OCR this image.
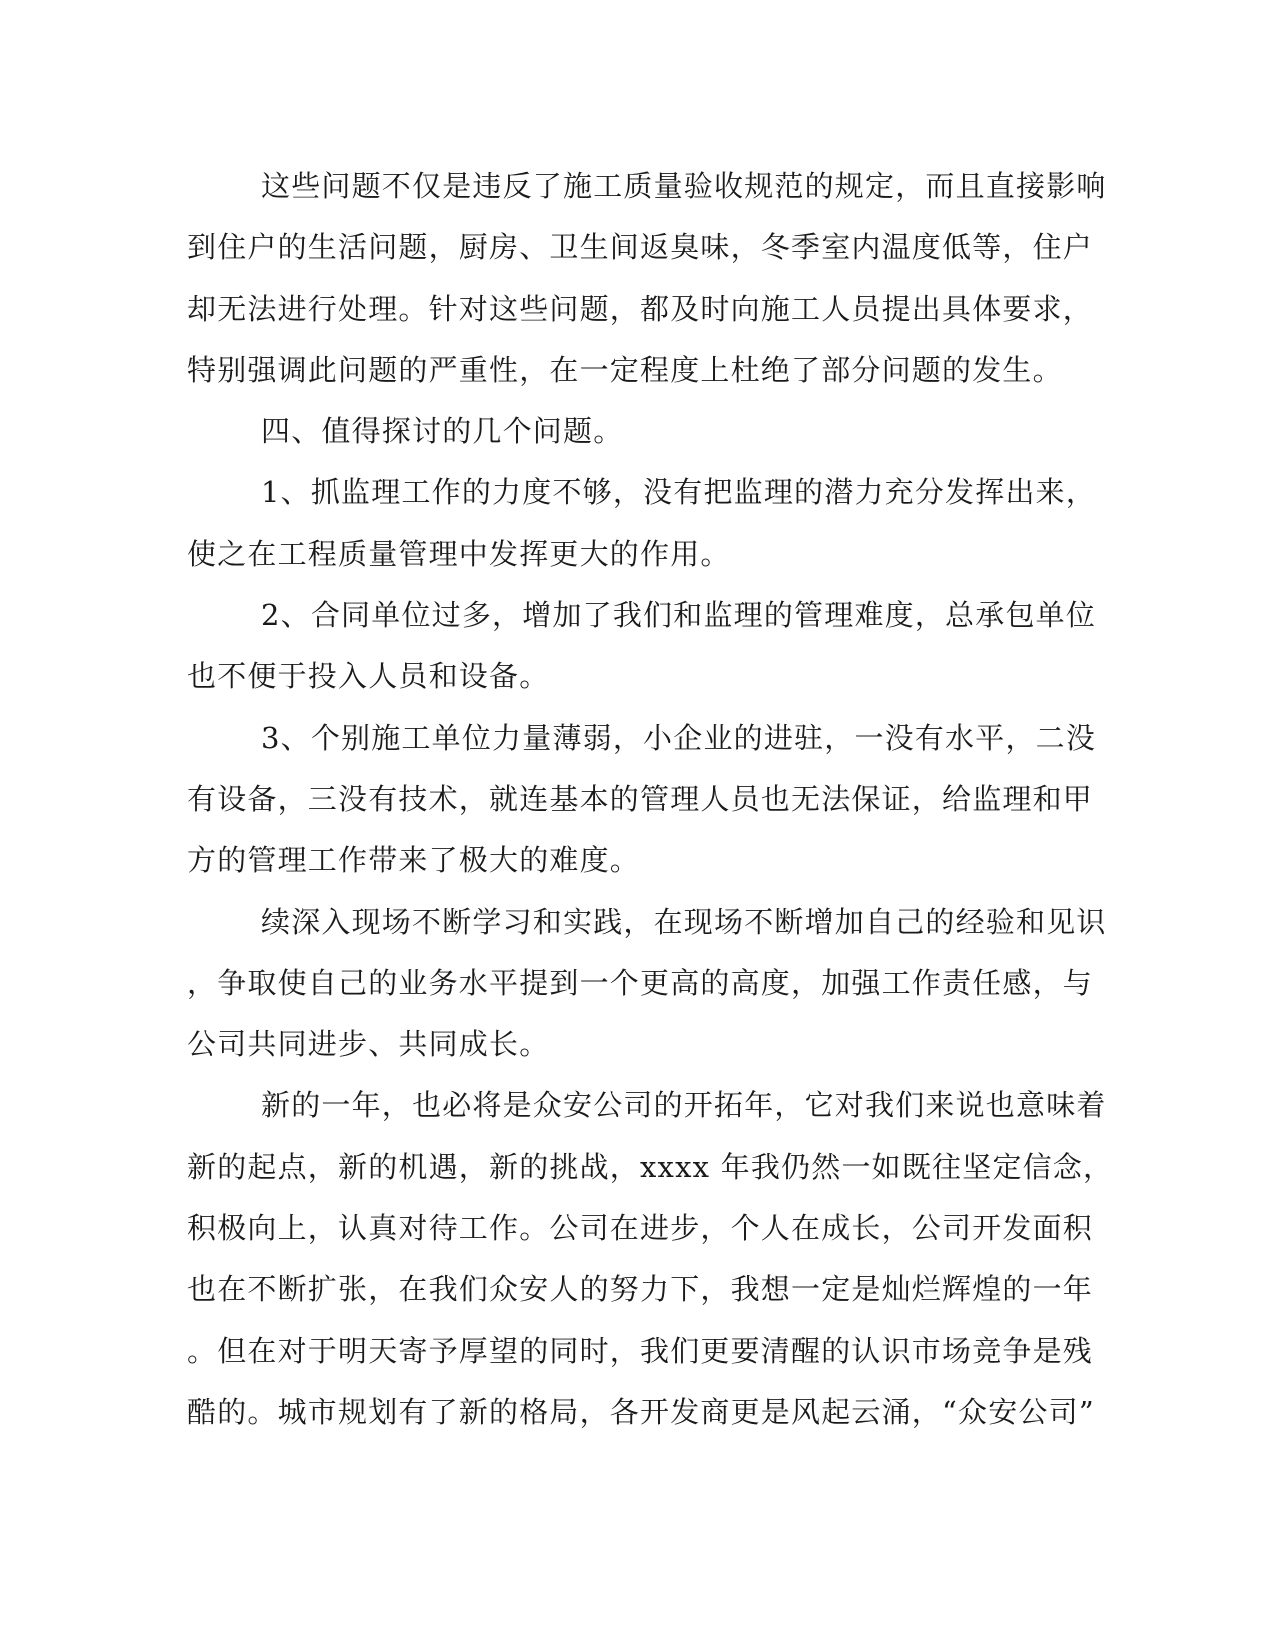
这些问题不仅是违反了施工质量验收规范的规定，而且直接影响
到住户的生活问题，厨房、卫生间返臭味，冬季室内温度低等，住户
却无法进行处理。针对这些问题，都及时向施工人员提出具体要求，
特别强调此问题的严重性，在一定程度上杜绝了部分问题的发生。
四、值得探讨的几个问题。
1、抓监理工作的力度不够，没有把监理的潜力充分发挥出来，
使之在工程质量管理中发挥更大的作用。
2、合同单位过多，增加了我们和监理的管理难度，总承包单位
也不便于投入人员和设备。
3、个别施工单位力量薄弱，小企业的进驻，一没有水平，二没
有设备，三没有技术，就连基本的管理人员也无法保证，给监理和甲
方的管理工作带来了极大的难度。
续深入现场不断学习和实践，在现场不断增加自己的经验和见识
，争取使自己的业务水平提到一个更高的高度，加强工作责任感，与
公司共同进步、共同成长。
新的一年，也必将是众安公司的开拓年，它对我们来说也意味着
新的起点，新的机遇，新的挑战，xxxx 年我仍然一如既往坚定信念，
积极向上，认真对待工作。公司在进步，个人在成长，公司开发面积
也在不断扩张，在我们众安人的努力下，我想一定是灿烂辉煌的一年
。但在对于明天寄予厚望的同时，我们更要清醒的认识市场竞争是残
酷的。城市规划有了新的格局，各开发商更是风起云涌，“众安公司”
